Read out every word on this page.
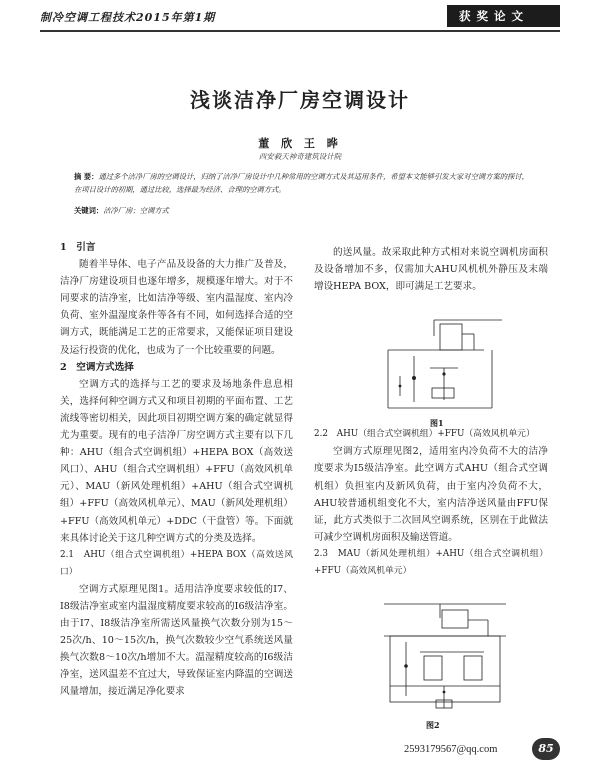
制冷空调工程技术2015年第1期	获奖论文
浅谈洁净厂房空调设计
董 欣 王 晔
西安毅天神奇建筑设计院
摘 要：通过多个洁净厂房的空调设计，归纳了洁净厂房设计中几种常用的空调方式及其适用条件，希望本文能够引发大家对空调方案的探讨，在项目设计的初期，通过比较，选择最为经济、合理的空调方式。
关键词：洁净厂房；空调方式
1　引言

随着半导体、电子产品及设备的大力推广及普及，洁净厂房建设项目也逐年增多，规模逐年增大。对于不同要求的洁净室，比如洁净等级、室内温湿度、室内冷负荷、室外温湿度条件等各有不同，如何选择合适的空调方式，既能满足工艺的正常要求，又能保证项目建设及运行投资的优化，也成为了一个比较重要的问题。

2　空调方式选择

空调方式的选择与工艺的要求及场地条件息息相关，选择何种空调方式又和项目初期的平面布置、工艺流线等密切相关，因此项目初期空调方案的确定就显得尤为重要。现有的电子洁净厂房空调方式主要有以下几种：AHU（组合式空调机组）+HEPA BOX（高效送风口）、AHU（组合式空调机组）+FFU（高效风机单元）、MAU（新风处理机组）+AHU（组合式空调机组）+FFU（高效风机单元）、MAU（新风处理机组）+FFU（高效风机单元）+DDC（干盘管）等。下面就来具体讨论关于这几种空调方式的分类及选择。

2.1　AHU（组合式空调机组）+HEPA BOX（高效送风口）

空调方式原理见图1。适用洁净度要求较低的I7、I8级洁净室或室内温湿度精度要求较高的I6级洁净室。由于I7、I8级洁净室所需送风量换气次数分别为15～25次/h、10～15次/h，换气次数较少空气系统送风量换气次数8～10次/h增加不大。温湿精度较高的I6级洁净室，送风温差不宜过大，导致保证室内降温的空调送风量增加，接近满足净化要求

的送风量。故采取此种方式相对来说空调机房面积及设备增加不多，仅需加大AHU风机机外静压及末端增设HEPA BOX，即可满足工艺要求。

2.2　AHU（组合式空调机组）+FFU（高效风机单元）

空调方式原理见图2，适用室内冷负荷不大的洁净度要求为I5级洁净室。此空调方式AHU（组合式空调机组）负担室内及新风负荷，由于室内冷负荷不大，AHU较普通机组变化不大，室内洁净送风量由FFU保证，此方式类似于二次回风空调系统，区别在于此做法可减少空调机房面积及输送管道。

2.3　MAU（新风处理机组）+AHU（组合式空调机组）+FFU（高效风机单元）
图1
图2
2593179567@qq.com	85
